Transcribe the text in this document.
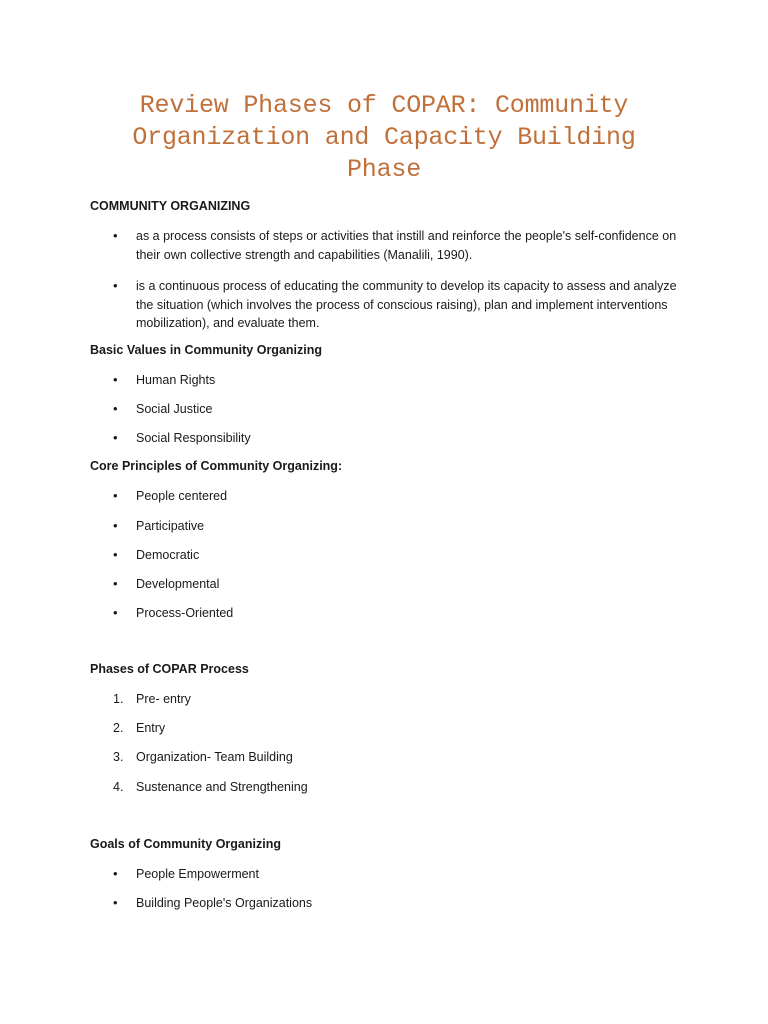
Review Phases of COPAR: Community Organization and Capacity Building Phase
COMMUNITY ORGANIZING
•	as a process consists of steps or activities that instill and reinforce the people's self-confidence on their own collective strength and capabilities (Manalili, 1990).
•	is a continuous process of educating the community to develop its capacity to assess and analyze the situation (which involves the process of conscious raising), plan and implement interventions mobilization), and evaluate them.
Basic Values in Community Organizing
•	Human Rights
•	Social Justice
•	Social Responsibility
Core Principles of Community Organizing:
•	People centered
•	Participative
•	Democratic
•	Developmental
•	Process-Oriented
Phases of COPAR Process
1.	Pre- entry
2.	Entry
3.	Organization- Team Building
4.	Sustenance and Strengthening
Goals of Community Organizing
•	People Empowerment
•	Building People's Organizations
